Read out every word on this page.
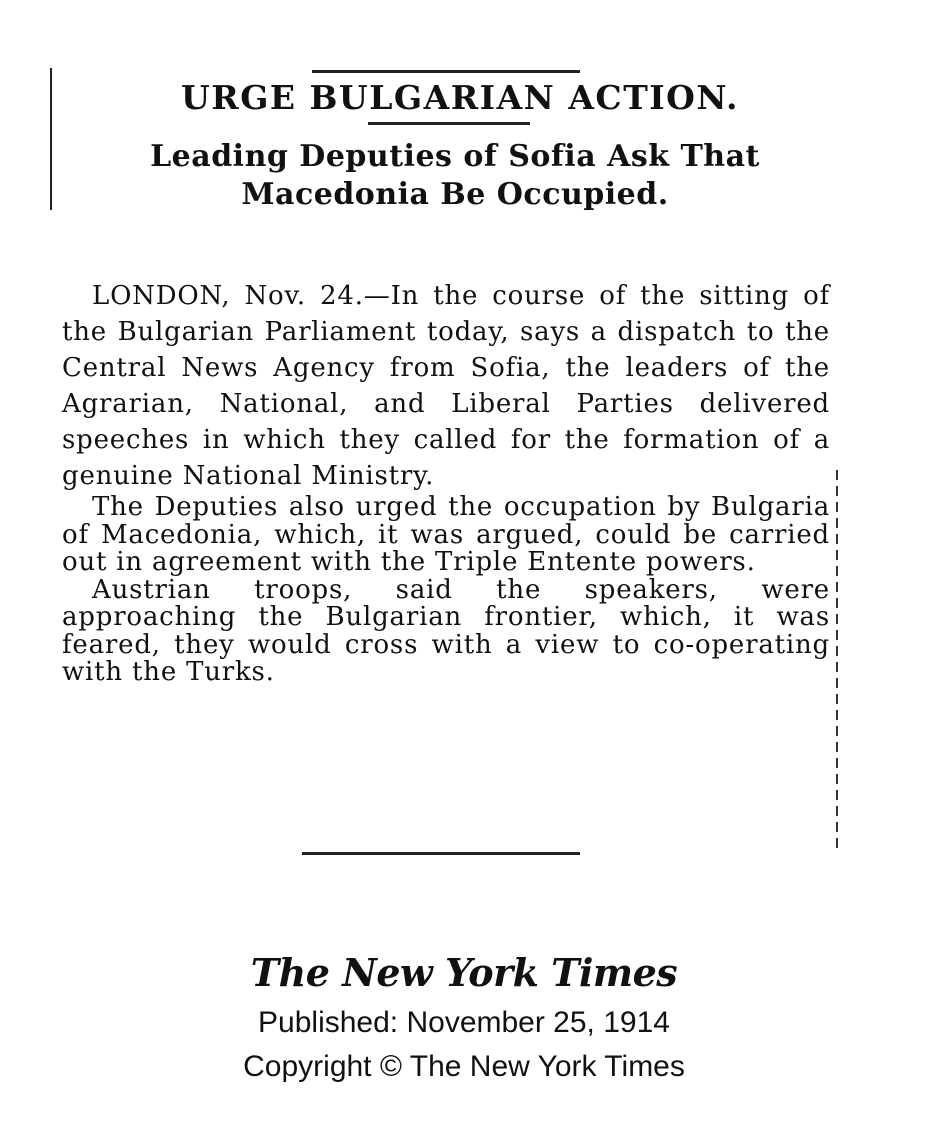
URGE BULGARIAN ACTION.
Leading Deputies of Sofia Ask That Macedonia Be Occupied.

LONDON, Nov. 24.—In the course of the sitting of the Bulgarian Parliament today, says a dispatch to the Central News Agency from Sofia, the leaders of the Agrarian, National, and Liberal Parties delivered speeches in which they called for the formation of a genuine National Ministry.

The Deputies also urged the occupation by Bulgaria of Macedonia, which, it was argued, could be carried out in agreement with the Triple Entente powers.

Austrian troops, said the speakers, were approaching the Bulgarian frontier, which, it was feared, they would cross with a view to co-operating with the Turks.

The New York Times
Published: November 25, 1914
Copyright © The New York Times
